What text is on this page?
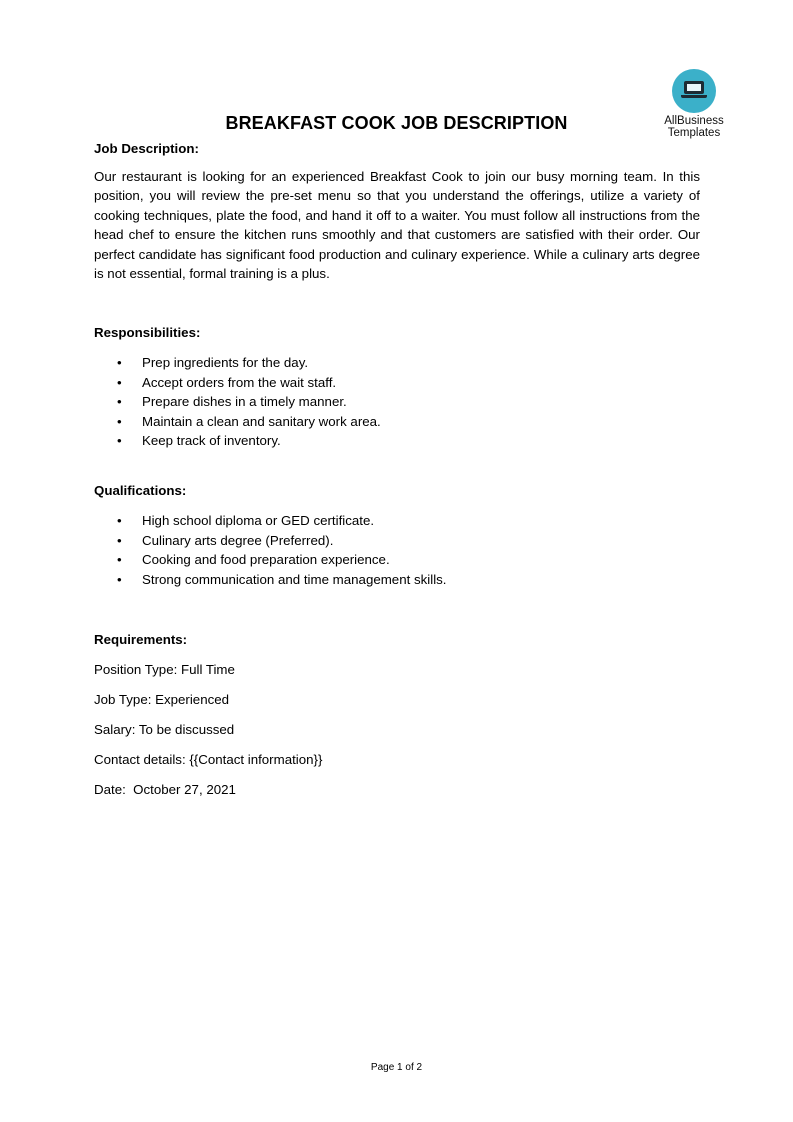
AllBusiness
Templates
BREAKFAST COOK JOB DESCRIPTION

Job Description:

Our restaurant is looking for an experienced Breakfast Cook to join our busy morning team. In this position, you will review the pre-set menu so that you understand the offerings, utilize a variety of cooking techniques, plate the food, and hand it off to a waiter. You must follow all instructions from the head chef to ensure the kitchen runs smoothly and that customers are satisfied with their order. Our perfect candidate has significant food production and culinary experience. While a culinary arts degree is not essential, formal training is a plus.

Responsibilities:

• Prep ingredients for the day.
• Accept orders from the wait staff.
• Prepare dishes in a timely manner.
• Maintain a clean and sanitary work area.
• Keep track of inventory.

Qualifications:

• High school diploma or GED certificate.
• Culinary arts degree (Preferred).
• Cooking and food preparation experience.
• Strong communication and time management skills.

Requirements:

Position Type: Full Time
Job Type: Experienced
Salary: To be discussed
Contact details: {{Contact information}}
Date:  October 27, 2021
Page 1 of 2
